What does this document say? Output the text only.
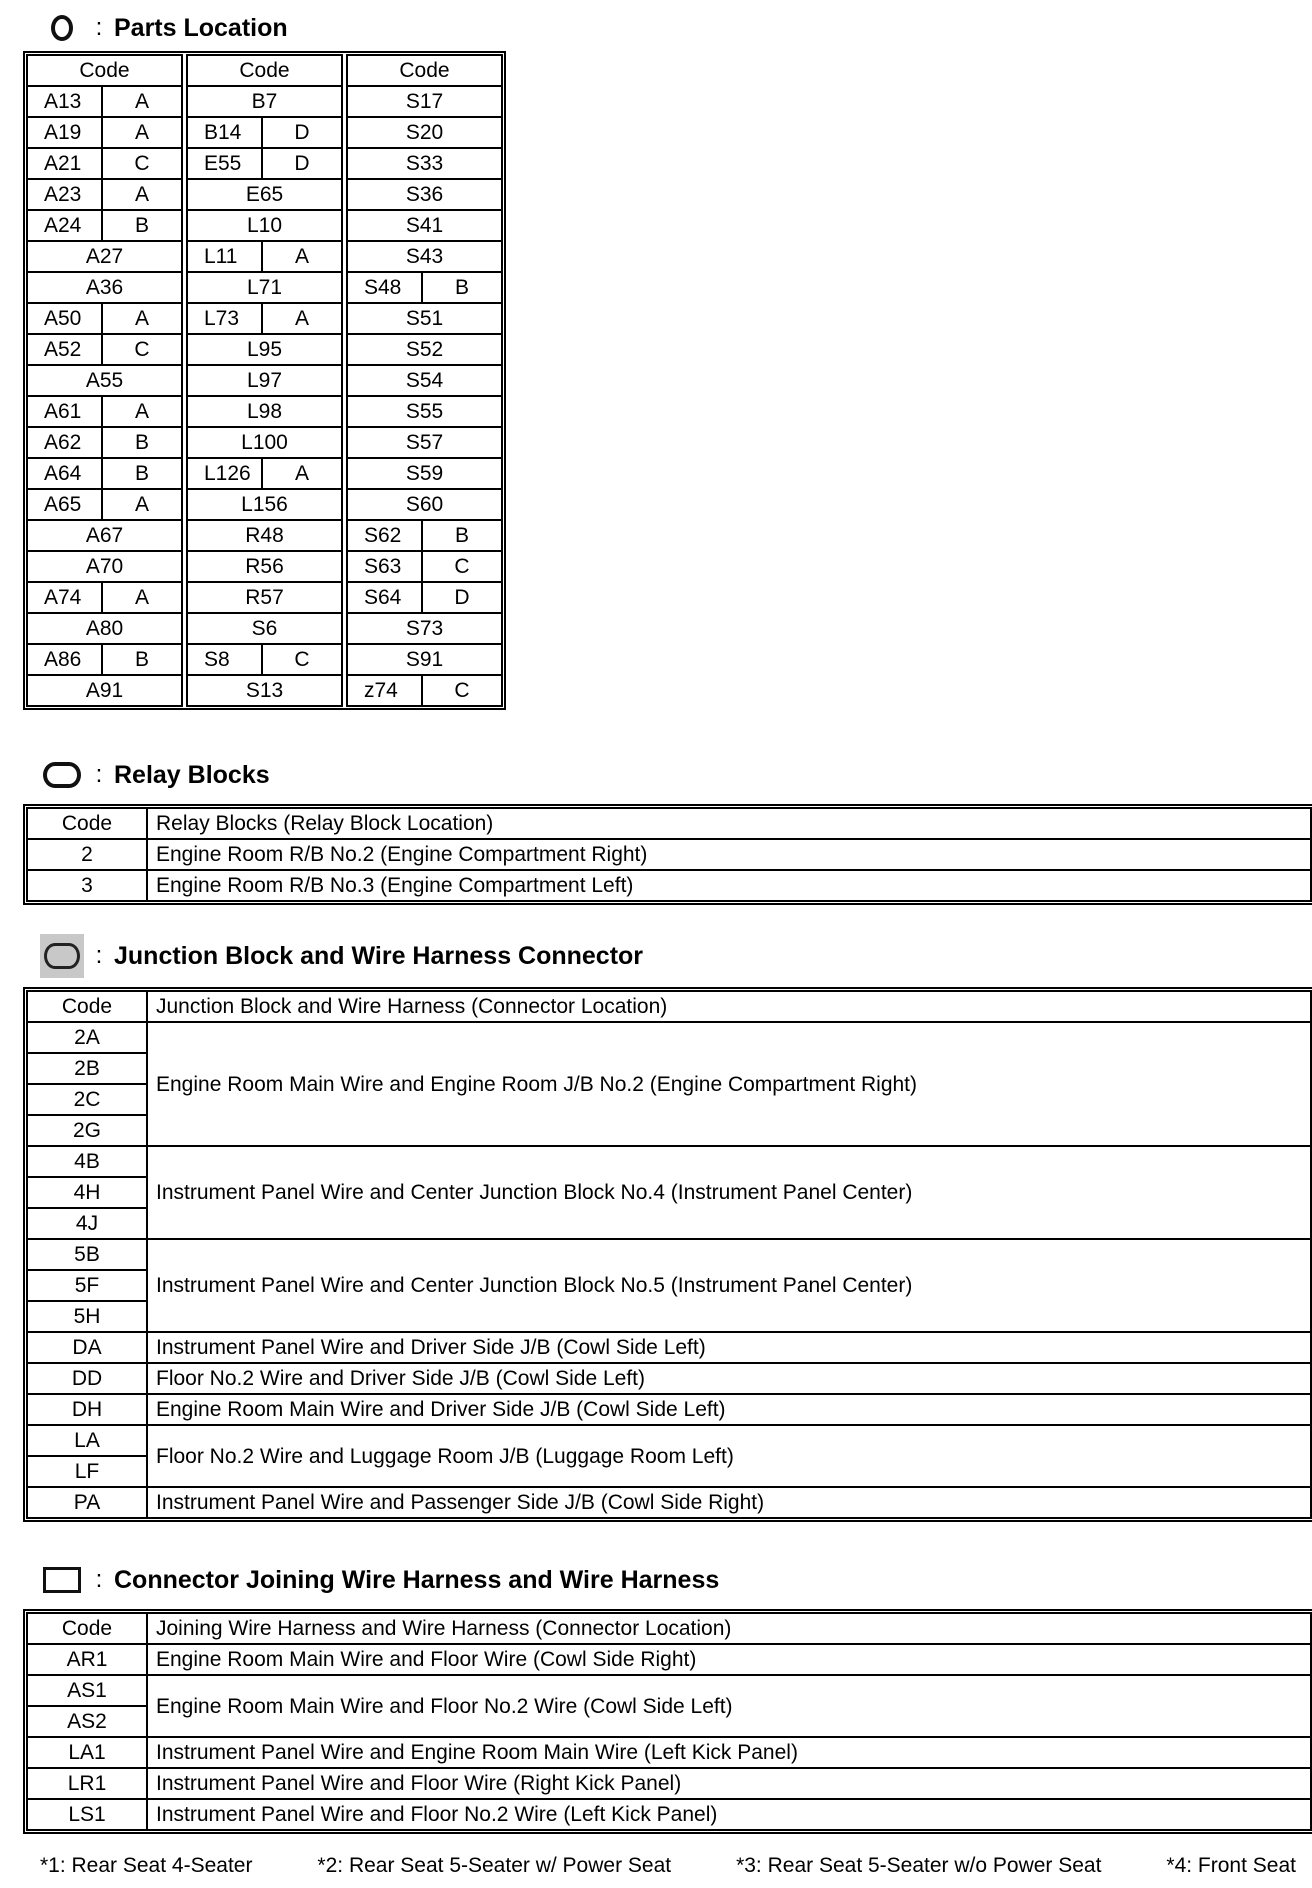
: Parts Location
Code			Code			Code	
A13	A		B7			S17	
A19	A		B14	D		S20	
A21	C		E55	D		S33	
A23	A		E65			S36	
A24	B		L10			S41	
A27			L11	A		S43	
A36			L71			S48	B
A50	A		L73	A		S51	
A52	C		L95			S52	
A55			L97			S54	
A61	A		L98			S55	
A62	B		L100			S57	
A64	B		L126	A		S59	
A65	A		L156			S60	
A67			R48			S62	B
A70			R56			S63	C
A74	A		R57			S64	D
A80			S6			S73	
A86	B		S8	C		S91	
A91			S13			z74	C
: Relay Blocks
Code	Relay Blocks (Relay Block Location)
2	Engine Room R/B No.2 (Engine Compartment Right)
3	Engine Room R/B No.3 (Engine Compartment Left)
: Junction Block and Wire Harness Connector
Code	Junction Block and Wire Harness (Connector Location)
2A	Engine Room Main Wire and Engine Room J/B No.2 (Engine Compartment Right)
2B	
2C	
2G	
4B	Instrument Panel Wire and Center Junction Block No.4 (Instrument Panel Center)
4H	
4J	
5B	Instrument Panel Wire and Center Junction Block No.5 (Instrument Panel Center)
5F	
5H	
DA	Instrument Panel Wire and Driver Side J/B (Cowl Side Left)
DD	Floor No.2 Wire and Driver Side J/B (Cowl Side Left)
DH	Engine Room Main Wire and Driver Side J/B (Cowl Side Left)
LA	Floor No.2 Wire and Luggage Room J/B (Luggage Room Left)
LF	
PA	Instrument Panel Wire and Passenger Side J/B (Cowl Side Right)
: Connector Joining Wire Harness and Wire Harness
Code	Joining Wire Harness and Wire Harness (Connector Location)
AR1	Engine Room Main Wire and Floor Wire (Cowl Side Right)
AS1	Engine Room Main Wire and Floor No.2 Wire (Cowl Side Left)
AS2	
LA1	Instrument Panel Wire and Engine Room Main Wire (Left Kick Panel)
LR1	Instrument Panel Wire and Floor Wire (Right Kick Panel)
LS1	Instrument Panel Wire and Floor No.2 Wire (Left Kick Panel)
*1: Rear Seat 4-Seater	*2: Rear Seat 5-Seater w/ Power Seat	*3: Rear Seat 5-Seater w/o Power Seat	*4: Front Seat
